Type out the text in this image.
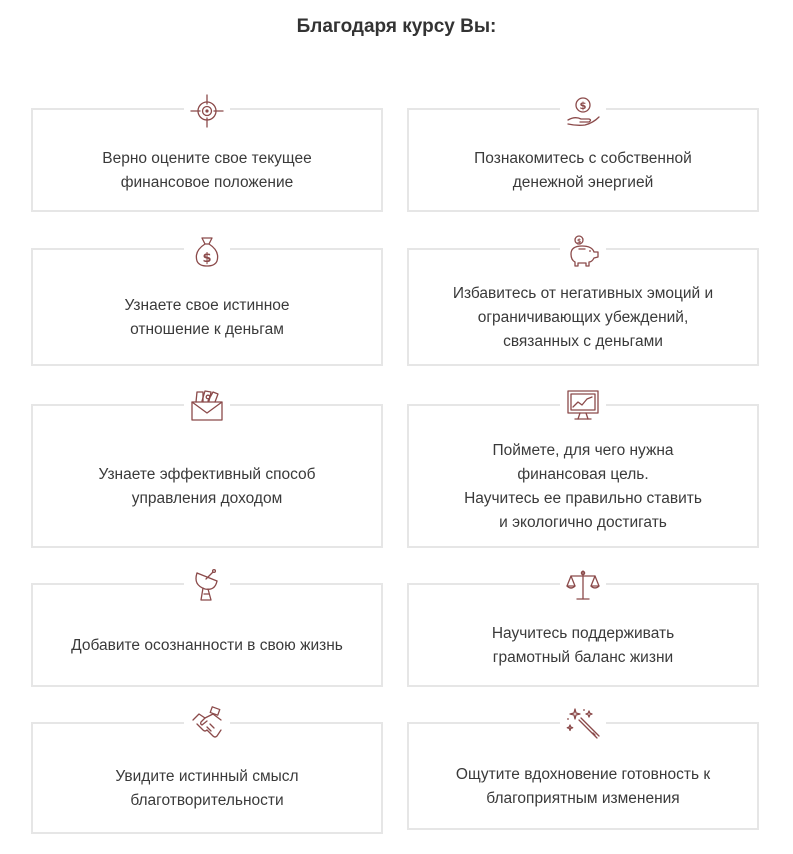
Благодаря курсу Вы:
Верно оцените свое текущее
финансовое положение
Познакомитесь с собственной
денежной энергией
$
Узнаете свое истинное
отношение к деньгам
$
Избавитесь от негативных эмоций и
ограничивающих убеждений,
связанных с деньгами
$
Узнаете эффективный способ
управления доходом
Поймете, для чего нужна
финансовая цель.
Научитесь ее правильно ставить
и экологично достигать
Добавите осознанности в свою жизнь
Научитесь поддерживать
грамотный баланс жизни
Увидите истинный смысл
благотворительности
Ощутите вдохновение готовность к
благоприятным изменения
